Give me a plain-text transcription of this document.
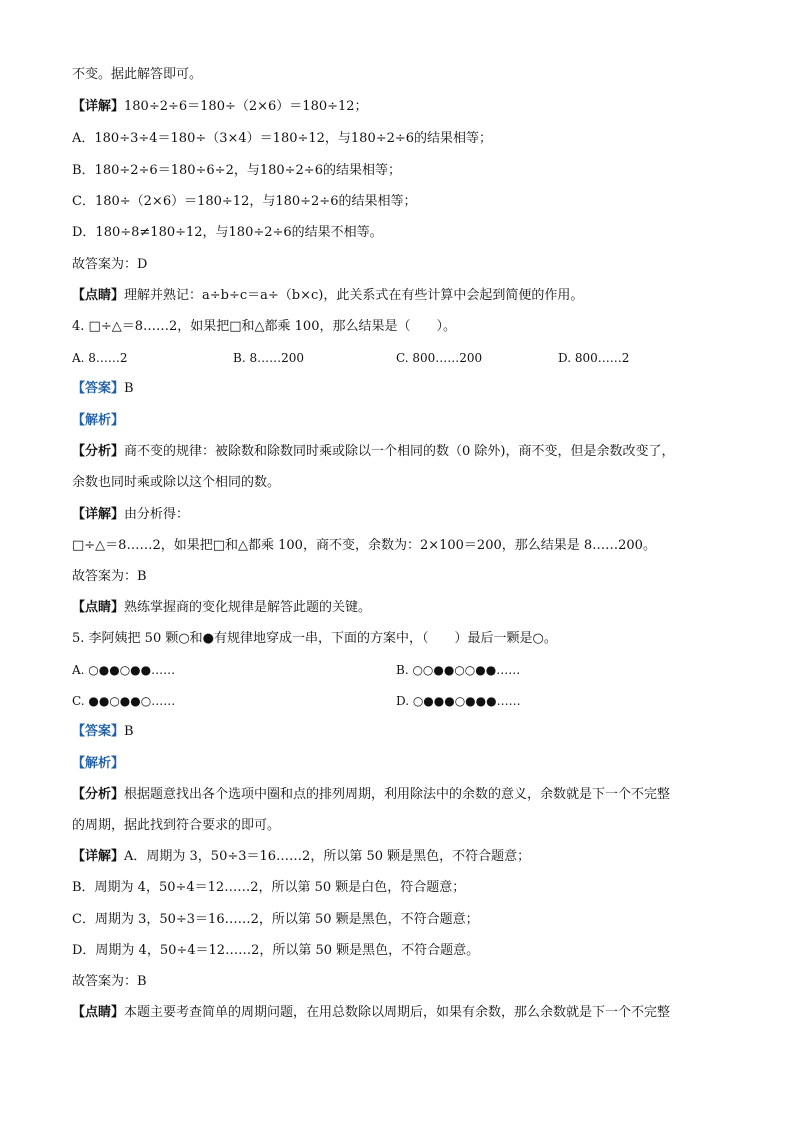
不变。据此解答即可。
【详解】180÷2÷6＝180÷（2×6）＝180÷12；
A．180÷3÷4＝180÷（3×4）＝180÷12，与180÷2÷6的结果相等；
B．180÷2÷6＝180÷6÷2，与180÷2÷6的结果相等；
C．180÷（2×6）＝180÷12，与180÷2÷6的结果相等；
D．180÷8≠180÷12，与180÷2÷6的结果不相等。
故答案为：D
【点睛】理解并熟记：a÷b÷c＝a÷（b×c)，此关系式在有些计算中会起到简便的作用。
4. □÷△＝8……2，如果把□和△都乘 100，那么结果是（　　）。
A. 8……2	B. 8……200	C. 800……200	D. 800……2
【答案】B
【解析】
【分析】商不变的规律：被除数和除数同时乘或除以一个相同的数（0 除外)，商不变，但是余数改变了，
余数也同时乘或除以这个相同的数。
【详解】由分析得：
□÷△＝8……2，如果把□和△都乘 100，商不变，余数为：2×100＝200，那么结果是 8……200。
故答案为：B
【点睛】熟练掌握商的变化规律是解答此题的关键。
5. 李阿姨把 50 颗○和●有规律地穿成一串，下面的方案中，（　　）最后一颗是○。
A. ○●●○●●……	B. ○○●●○○●●……
C. ●●○●●○……	D. ○●●●○●●●……
【答案】B
【解析】
【分析】根据题意找出各个选项中圈和点的排列周期，利用除法中的余数的意义，余数就是下一个不完整
的周期，据此找到符合要求的即可。
【详解】A．周期为 3，50÷3＝16……2，所以第 50 颗是黑色，不符合题意；
B．周期为 4，50÷4＝12……2，所以第 50 颗是白色，符合题意；
C．周期为 3，50÷3＝16……2，所以第 50 颗是黑色，不符合题意；
D．周期为 4，50÷4＝12……2，所以第 50 颗是黑色，不符合题意。
故答案为：B
【点睛】本题主要考查简单的周期问题，在用总数除以周期后，如果有余数，那么余数就是下一个不完整
